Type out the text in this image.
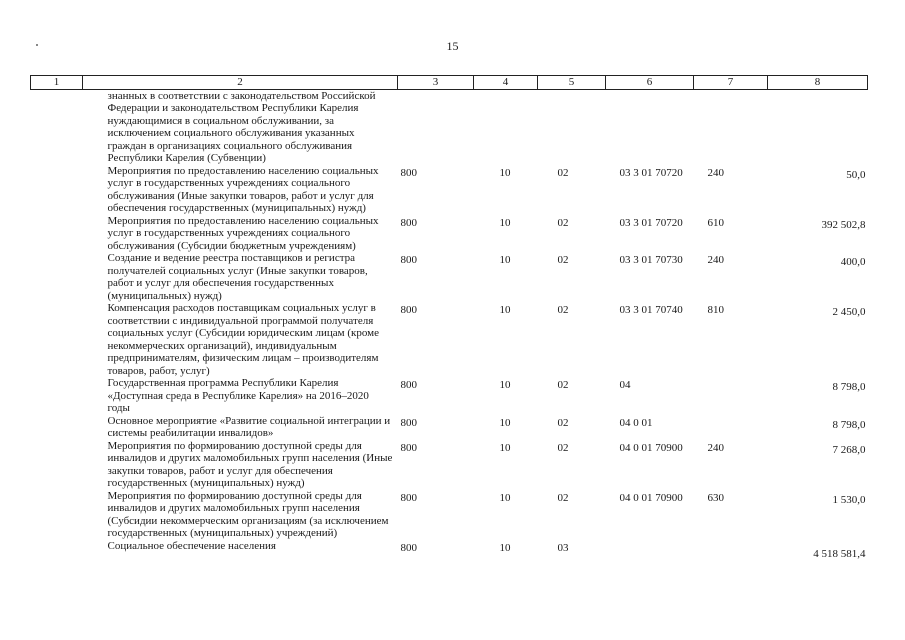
15
1	2	3	4	5	6	7	8
	знанных в соответствии с законодательством Российской Федерации и законодательством Республики Карелия нуждающимися в социальном обслуживании, за исключением социального обслуживания указанных граждан в организациях социального обслуживания Республики Карелия (Субвенции)						
	Мероприятия по предоставлению населению социальных услуг в государственных учреждениях социального обслуживания (Иные закупки товаров, работ и услуг для обеспечения государственных (муниципальных) нужд)	800	10	02	03 3 01 70720	240	50,0
	Мероприятия по предоставлению населению социальных услуг в государственных учреждениях социального обслуживания (Субсидии бюджетным учреждениям)	800	10	02	03 3 01 70720	610	392 502,8
	Создание и ведение реестра поставщиков и регистра получателей социальных услуг (Иные закупки товаров, работ и услуг для обеспечения государственных (муниципальных) нужд)	800	10	02	03 3 01 70730	240	400,0
	Компенсация расходов поставщикам социальных услуг в соответствии с индивидуальной программой получателя социальных услуг (Субсидии юридическим лицам (кроме некоммерческих организаций), индивидуальным предпринимателям, физическим лицам – производителям товаров, работ, услуг)	800	10	02	03 3 01 70740	810	2 450,0
	Государственная программа Республики Карелия «Доступная среда в Республике Карелия» на 2016–2020 годы	800	10	02	04		8 798,0
	Основное мероприятие «Развитие социальной интеграции и системы реабилитации инвалидов»	800	10	02	04 0 01		8 798,0
	Мероприятия по формированию доступной среды для инвалидов и других маломобильных групп населения (Иные закупки товаров, работ и услуг для обеспечения государственных (муниципальных) нужд)	800	10	02	04 0 01 70900	240	7 268,0
	Мероприятия по формированию доступной среды для инвалидов и других маломобильных групп населения (Субсидии некоммерческим организациям (за исключением государственных (муниципальных) учреждений)	800	10	02	04 0 01 70900	630	1 530,0
	Социальное обеспечение населения	800	10	03			4 518 581,4
